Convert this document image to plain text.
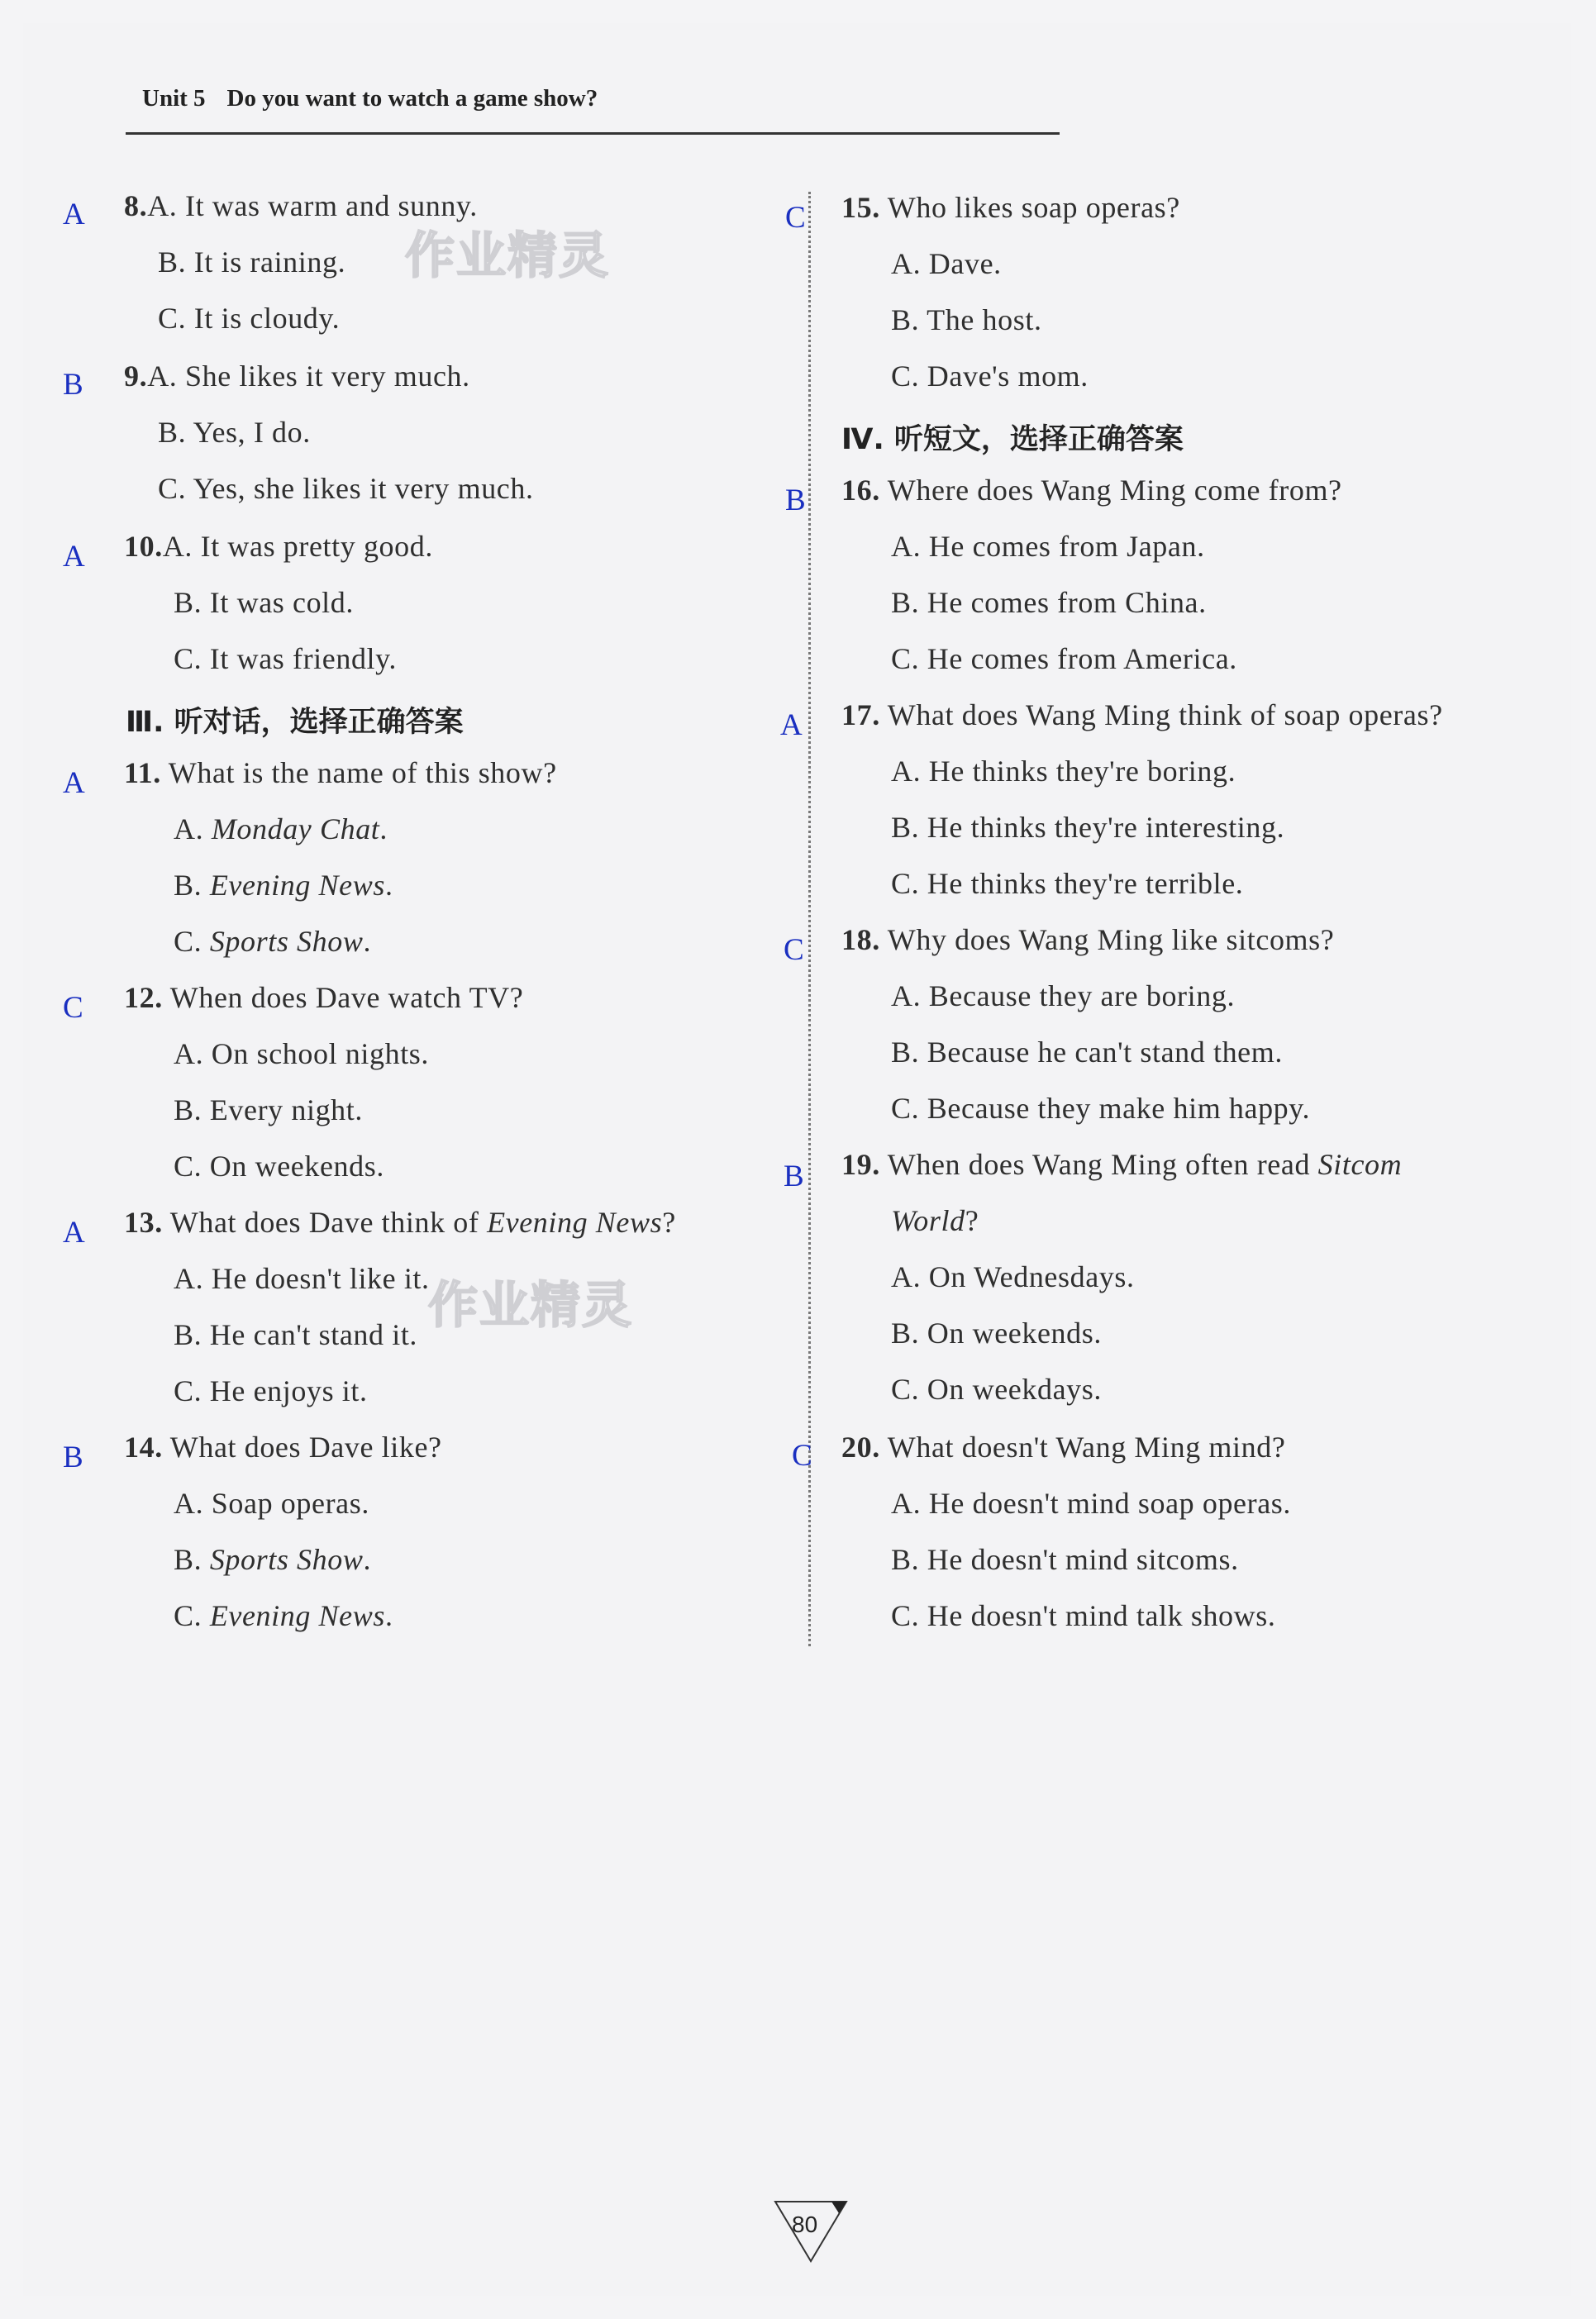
Unit 5 Do you want to watch a game show?
作业精灵
作业精灵
A 8.A. It was warm and sunny.
B. It is raining.
C. It is cloudy.
B 9.A. She likes it very much.
B. Yes, I do.
C. Yes, she likes it very much.
A 10.A. It was pretty good.
B. It was cold.
C. It was friendly.
Ⅲ. 听对话，选择正确答案
A 11. What is the name of this show?
A. Monday Chat.
B. Evening News.
C. Sports Show.
C 12. When does Dave watch TV?
A. On school nights.
B. Every night.
C. On weekends.
A 13. What does Dave think of Evening News?
A. He doesn't like it.
B. He can't stand it.
C. He enjoys it.
B 14. What does Dave like?
A. Soap operas.
B. Sports Show.
C. Evening News.
C 15. Who likes soap operas?
A. Dave.
B. The host.
C. Dave's mom.
Ⅳ. 听短文，选择正确答案
B 16. Where does Wang Ming come from?
A. He comes from Japan.
B. He comes from China.
C. He comes from America.
A 17. What does Wang Ming think of soap operas?
A. He thinks they're boring.
B. He thinks they're interesting.
C. He thinks they're terrible.
C 18. Why does Wang Ming like sitcoms?
A. Because they are boring.
B. Because he can't stand them.
C. Because they make him happy.
B 19. When does Wang Ming often read Sitcom
World?
A. On Wednesdays.
B. On weekends.
C. On weekdays.
C 20. What doesn't Wang Ming mind?
A. He doesn't mind soap operas.
B. He doesn't mind sitcoms.
C. He doesn't mind talk shows.
80
